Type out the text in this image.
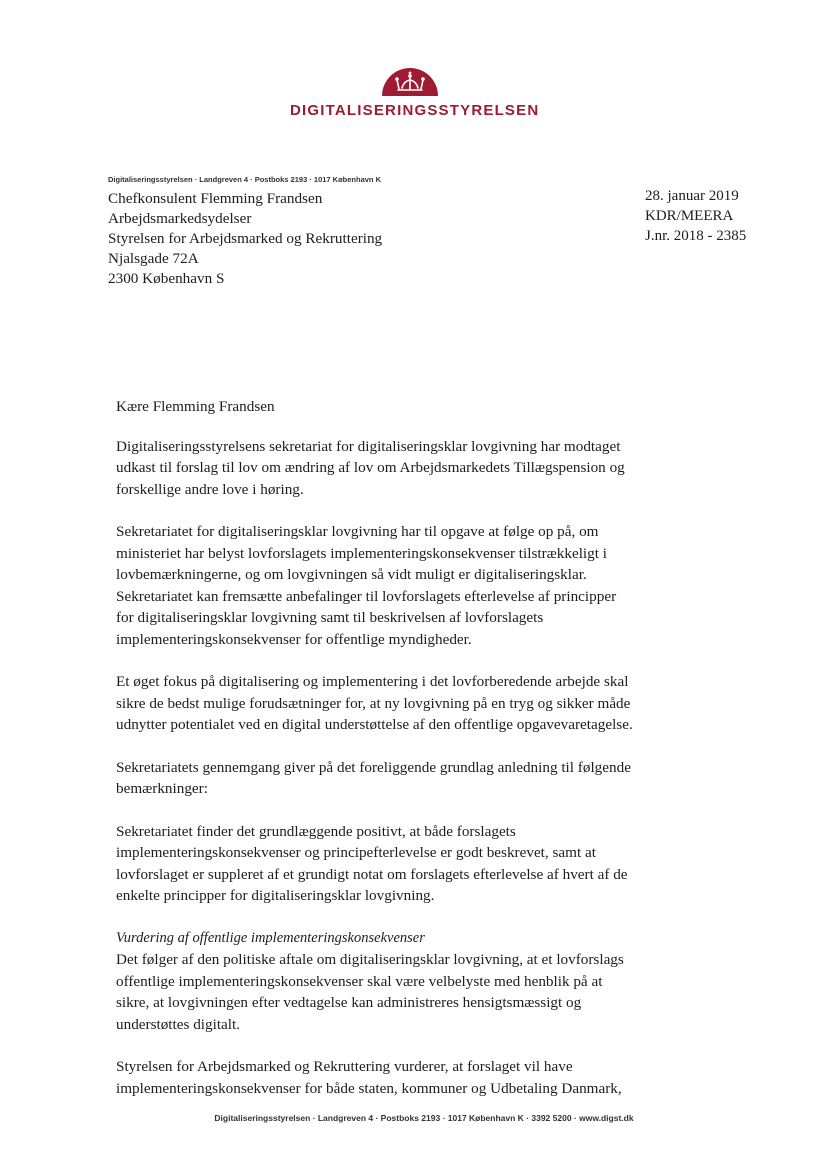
DIGITALISERINGSSTYRELSEN
Digitaliseringsstyrelsen · Landgreven 4 · Postboks 2193 · 1017 København K
Chefkonsulent Flemming Frandsen
Arbejdsmarkedsydelser
Styrelsen for Arbejdsmarked og Rekruttering
Njalsgade 72A
2300 København S
28. januar 2019
KDR/MEERA
J.nr. 2018 - 2385

Kære Flemming Frandsen

Digitaliseringsstyrelsens sekretariat for digitaliseringsklar lovgivning har modtaget udkast til forslag til lov om ændring af lov om Arbejdsmarkedets Tillægspension og forskellige andre love i høring.

Sekretariatet for digitaliseringsklar lovgivning har til opgave at følge op på, om ministeriet har belyst lovforslagets implementeringskonsekvenser tilstrækkeligt i lovbemærkningerne, og om lovgivningen så vidt muligt er digitaliseringsklar. Sekretariatet kan fremsætte anbefalinger til lovforslagets efterlevelse af principper for digitaliseringsklar lovgivning samt til beskrivelsen af lovforslagets implementeringskonsekvenser for offentlige myndigheder.

Et øget fokus på digitalisering og implementering i det lovforberedende arbejde skal sikre de bedst mulige forudsætninger for, at ny lovgivning på en tryg og sikker måde udnytter potentialet ved en digital understøttelse af den offentlige opgavevaretagelse.

Sekretariatets gennemgang giver på det foreliggende grundlag anledning til følgende bemærkninger:

Sekretariatet finder det grundlæggende positivt, at både forslagets implementeringskonsekvenser og principefterlevelse er godt beskrevet, samt at lovforslaget er suppleret af et grundigt notat om forslagets efterlevelse af hvert af de enkelte principper for digitaliseringsklar lovgivning.

Vurdering af offentlige implementeringskonsekvenser
Det følger af den politiske aftale om digitaliseringsklar lovgivning, at et lovforslags offentlige implementeringskonsekvenser skal være velbelyste med henblik på at sikre, at lovgivningen efter vedtagelse kan administreres hensigtsmæssigt og understøttes digitalt.

Styrelsen for Arbejdsmarked og Rekruttering vurderer, at forslaget vil have implementeringskonsekvenser for både staten, kommuner og Udbetaling Danmark,

Digitaliseringsstyrelsen · Landgreven 4 · Postboks 2193 · 1017 København K · 3392 5200 · www.digst.dk
